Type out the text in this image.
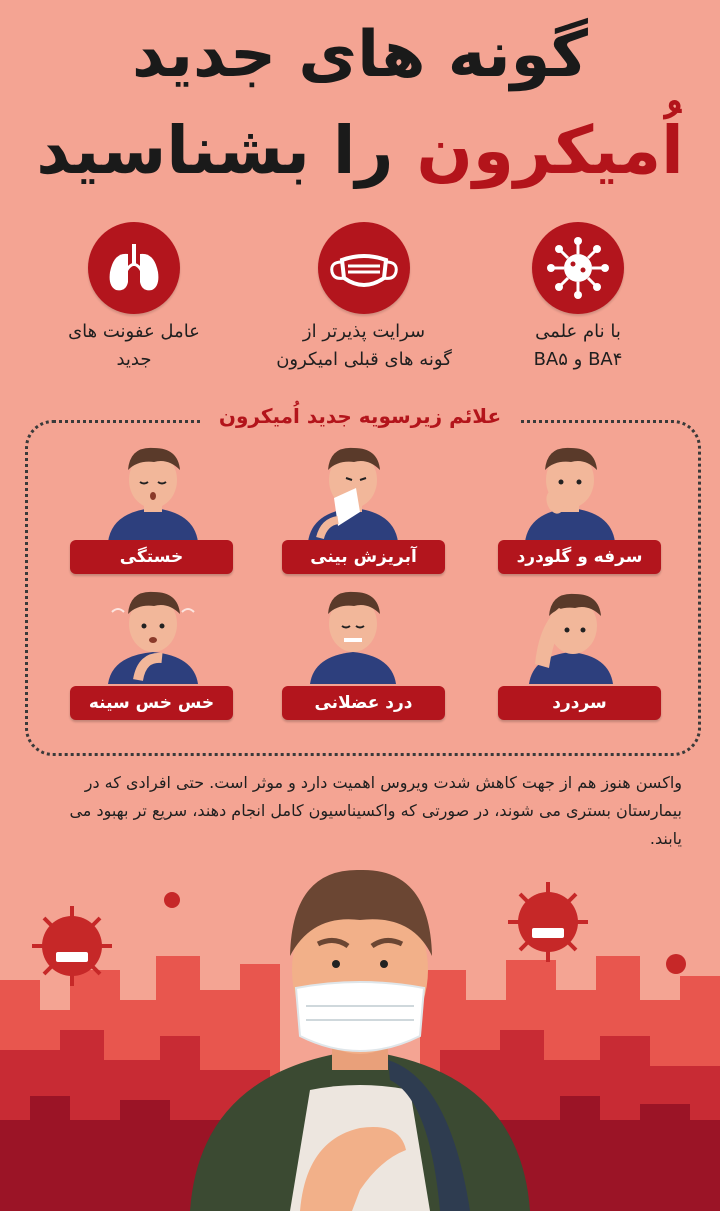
گونه های جدید
اُمیکرون را بشناسید
با نام علمی
BA۴ و BA۵
سرایت پذیرتر از
گونه های قبلی امیکرون
عامل عفونت های
جدید
علائم زیرسویه جدید اُمیکرون
سرفه و گلودرد
آبریزش بینی
خستگی
سردرد
درد عضلانی
خس خس سینه
واکسن هنوز هم از جهت کاهش شدت ویروس اهمیت دارد و موثر است. حتی افرادی که در بیمارستان بستری می شوند، در صورتی که واکسیناسیون کامل انجام دهند، سریع تر بهبود می یابند.
